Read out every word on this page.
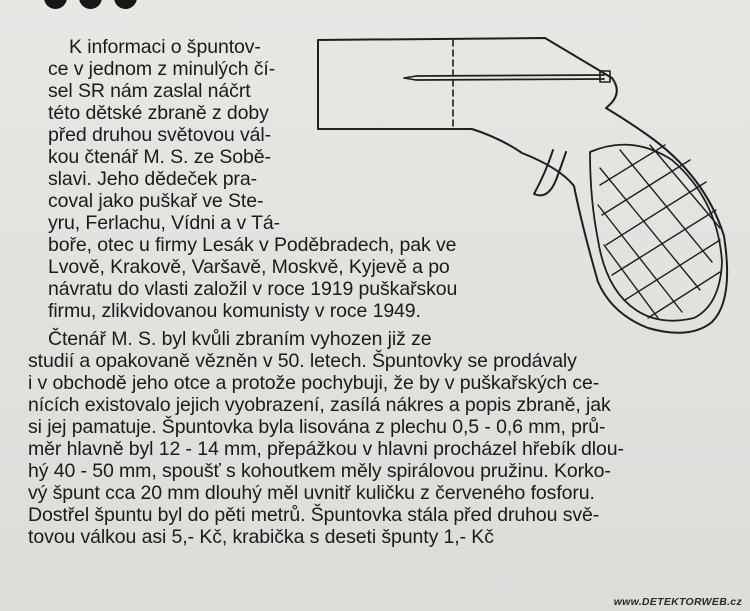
K informaci o špuntov-
ce v jednom z minulých čí-
sel SR nám zaslal náčrt
této dětské zbraně z doby
před druhou světovou vál-
kou čtenář M. S. ze Sobě-
slavi. Jeho dědeček pra-
coval jako puškař ve Ste-
yru, Ferlachu, Vídni a v Tá-
boře, otec u firmy Lesák v Poděbradech, pak ve
Lvově, Krakově, Varšavě, Moskvě, Kyjevě a po
návratu do vlasti založil v roce 1919 puškařskou
firmu, zlikvidovanou komunisty v roce 1949.
Čtenář M. S. byl kvůli zbraním vyhozen již ze
studií a opakovaně vězněn v 50. letech. Špuntovky se prodávaly
i v obchodě jeho otce a protože pochybuji, že by v puškařských ce-
nících existovalo jejich vyobrazení, zasílá nákres a popis zbraně, jak
si jej pamatuje. Špuntovka byla lisována z plechu 0,5 - 0,6 mm, prů-
měr hlavně byl 12 - 14 mm, přepážkou v hlavni procházel hřebík dlou-
hý 40 - 50 mm, spoušť s kohoutkem měly spirálovou pružinu. Korko-
vý špunt cca 20 mm dlouhý měl uvnitř kuličku z červeného fosforu.
Dostřel špuntu byl do pěti metrů. Špuntovka stála před druhou svě-
tovou válkou asi 5,- Kč, krabička s deseti špunty 1,- Kč
www.DETEKTORWEB.cz
